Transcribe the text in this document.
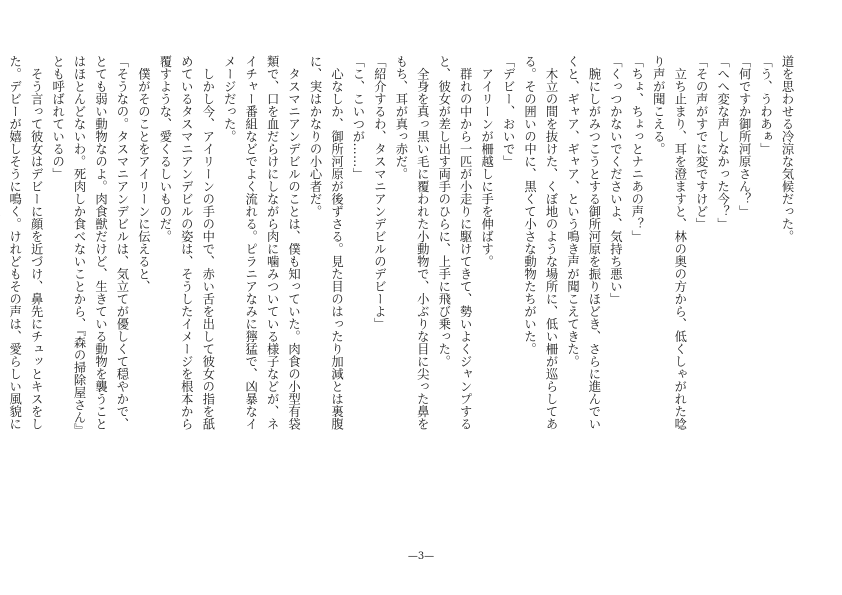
道を思わせる冷涼な気候だった。

「う、うわあぁ」

「何ですか御所河原さん？」

「へへ変な声しなかった今？」

「その声がすでに変ですけど」

　立ち止まり、耳を澄ますと、林の奥の方から、低くしゃがれた唸

り声が聞こえる。

「ちょ、ちょっとナニあの声？」

「くっつかないでくださいよ、気持ち悪い」

　腕にしがみつこうとする御所河原を振りほどき、さらに進んでい

くと、ギャア、ギャア、という鳴き声が聞こえてきた。

　木立の間を抜けた、くぼ地のような場所に、低い柵が巡らしてあ

る。その囲いの中に、黒くて小さな動物たちがいた。

「デビー、おいで」

　アイリーンが柵越しに手を伸ばす。

　群れの中から一匹が小走りに駆けてきて、勢いよくジャンプする

と、彼女が差し出す両手のひらに、上手に飛び乗った。

　全身を真っ黒い毛に覆われた小動物で、小ぶりな目に尖った鼻を

もち、耳が真っ赤だ。

「紹介するわ、タスマニアンデビルのデビーよ」

「こ、こいつが……」

　心なしか、御所河原が後ずさる。見た目のはったり加減とは裏腹

に、実はかなりの小心者だ。

　タスマニアンデビルのことは、僕も知っていた。肉食の小型有袋

類で、口を血だらけにしながら肉に噛みついている様子などが、ネ

イチャー番組などでよく流れる。ピラニアなみに獰猛で、凶暴なイ

メージだった。

　しかし今、アイリーンの手の中で、赤い舌を出して彼女の指を舐

めているタスマニアンデビルの姿は、そうしたイメージを根本から

覆すような、愛くるしいものだ。

　僕がそのことをアイリーンに伝えると、

「そうなの。タスマニアンデビルは、気立てが優しくて穏やかで、

とても弱い動物なのよ。肉食獣だけど、生きている動物を襲うこと

はほとんどないわ。死肉しか食べないことから、『森の掃除屋さん』

とも呼ばれているの」

　そう言って彼女はデビーに顔を近づけ、鼻先にチュッとキスをし

た。デビーが嬉しそうに鳴く。けれどもその声は、愛らしい風貌に

—3—
